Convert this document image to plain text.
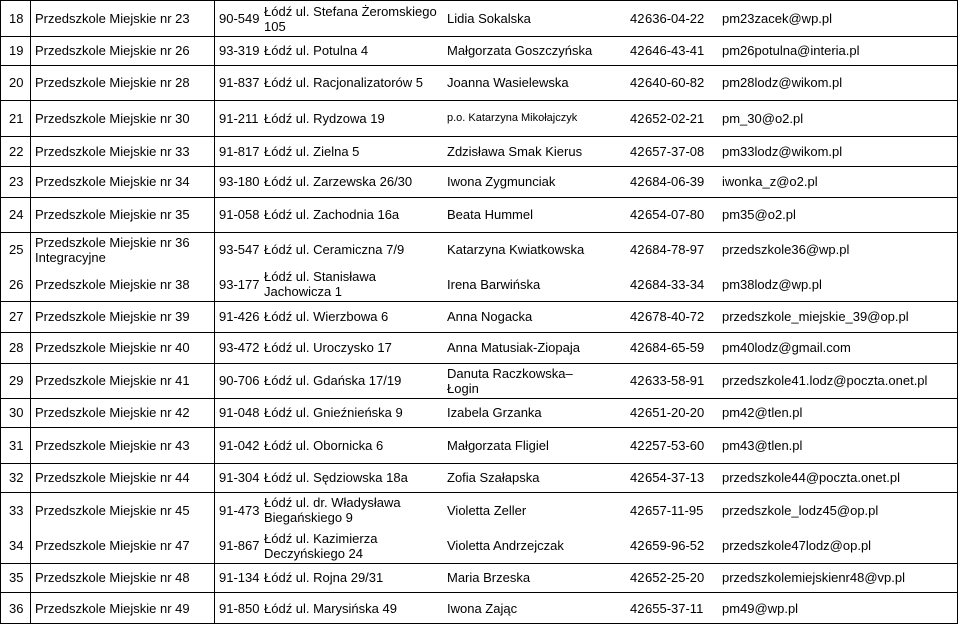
18 Przedszkole Miejskie nr 23	90-549 Łódź ul. Stefana Żeromskiego 105	Lidia Sokalska	42 636-04-22	pm23zacek@wp.pl
19 Przedszkole Miejskie nr 26	93-319 Łódź ul. Potulna 4	Małgorzata Goszczyńska	42 646-43-41	pm26potulna@interia.pl
20 Przedszkole Miejskie nr 28	91-837 Łódź ul. Racjonalizatorów 5	Joanna Wasielewska	42 640-60-82	pm28lodz@wikom.pl
21 Przedszkole Miejskie nr 30	91-211 Łódź ul. Rydzowa 19	p.o. Katarzyna Mikołajczyk	42 652-02-21	pm_30@o2.pl
22 Przedszkole Miejskie nr 33	91-817 Łódź ul. Zielna 5	Zdzisława Smak Kierus	42 657-37-08	pm33lodz@wikom.pl
23 Przedszkole Miejskie nr 34	93-180 Łódź ul. Zarzewska 26/30	Iwona Zygmunciak	42 684-06-39	iwonka_z@o2.pl
24 Przedszkole Miejskie nr 35	91-058 Łódź ul. Zachodnia 16a	Beata Hummel	42 654-07-80	pm35@o2.pl
25 Przedszkole Miejskie nr 36 Integracyjne	93-547 Łódź ul. Ceramiczna 7/9	Katarzyna Kwiatkowska	42 684-78-97	przedszkole36@wp.pl
26 Przedszkole Miejskie nr 38	93-177 Łódź ul. Stanisława Jachowicza 1	Irena Barwińska	42 684-33-34	pm38lodz@wp.pl
27 Przedszkole Miejskie nr 39	91-426 Łódź ul. Wierzbowa 6	Anna Nogacka	42 678-40-72	przedszkole_miejskie_39@op.pl
28 Przedszkole Miejskie nr 40	93-472 Łódź ul. Uroczysko 17	Anna Matusiak-Ziopaja	42 684-65-59	pm40lodz@gmail.com
29 Przedszkole Miejskie nr 41	90-706 Łódź ul. Gdańska 17/19	Danuta Raczkowska– Łogin	42 633-58-91	przedszkole41.lodz@poczta.onet.pl
30 Przedszkole Miejskie nr 42	91-048 Łódź ul. Gnieźnieńska 9	Izabela Grzanka	42 651-20-20	pm42@tlen.pl
31 Przedszkole Miejskie nr 43	91-042 Łódź ul. Obornicka 6	Małgorzata Fligiel	42 257-53-60	pm43@tlen.pl
32 Przedszkole Miejskie nr 44	91-304 Łódź ul. Sędziowska 18a	Zofia Szałapska	42 654-37-13	przedszkole44@poczta.onet.pl
33 Przedszkole Miejskie nr 45	91-473 Łódź ul. dr. Władysława Biegańskiego 9	Violetta Zeller	42 657-11-95	przedszkole_lodz45@op.pl
34 Przedszkole Miejskie nr 47	91-867 Łódź ul. Kazimierza Deczyńskiego 24	Violetta Andrzejczak	42 659-96-52	przedszkole47lodz@op.pl
35 Przedszkole Miejskie nr 48	91-134 Łódź ul. Rojna 29/31	Maria Brzeska	42 652-25-20	przedszkolemiejskienr48@vp.pl
36 Przedszkole Miejskie nr 49	91-850 Łódź ul. Marysińska 49	Iwona Zając	42 655-37-11	pm49@wp.pl
